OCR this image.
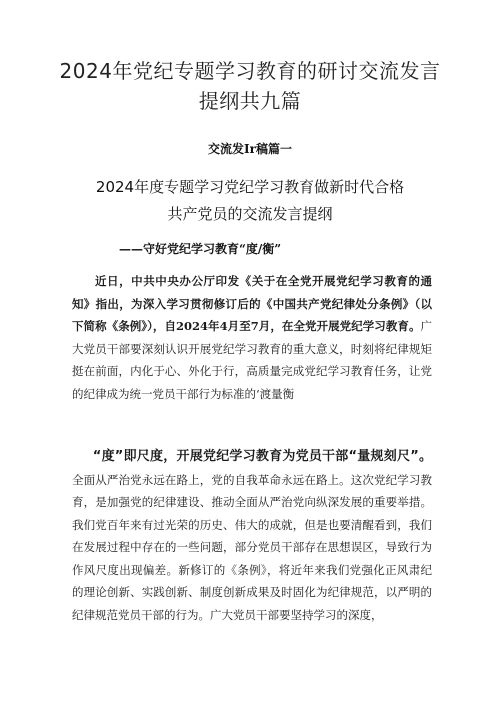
2024年党纪专题学习教育的研讨交流发言
提纲共九篇
交流发Ir稿篇一
2024年度专题学习党纪学习教育做新时代合格
共产党员的交流发言提纲
——守好党纪学习教育“度/衡”
近日，中共中央办公厅印发《关于在全党开展党纪学习教育的通知》指出，为深入学习贯彻修订后的《中国共产党纪律处分条例》（以下简称《条例》），自2024年4月至7月，在全党开展党纪学习教育。广大党员干部要深刻认识开展党纪学习教育的重大意义，时刻将纪律规矩挺在前面，内化于心、外化于行，高质量完成党纪学习教育任务，让党的纪律成为统一党员干部行为标准的‘渡量衡
“度”即尺度，开展党纪学习教育为党员干部“量规刻尺”。全面从严治党永远在路上，党的自我革命永远在路上。这次党纪学习教育，是加强党的纪律建设、推动全面从严治党向纵深发展的重要举措。我们党百年来有过光荣的历史、伟大的成就，但是也要清醒看到，我们在发展过程中存在的一些问题，部分党员干部存在思想误区，导致行为作风尺度出现偏差。新修订的《条例》，将近年来我们党强化正风肃纪的理论创新、实践创新、制度创新成果及时固化为纪律规范，以严明的纪律规范党员干部的行为。广大党员干部要坚持学习的深度，
